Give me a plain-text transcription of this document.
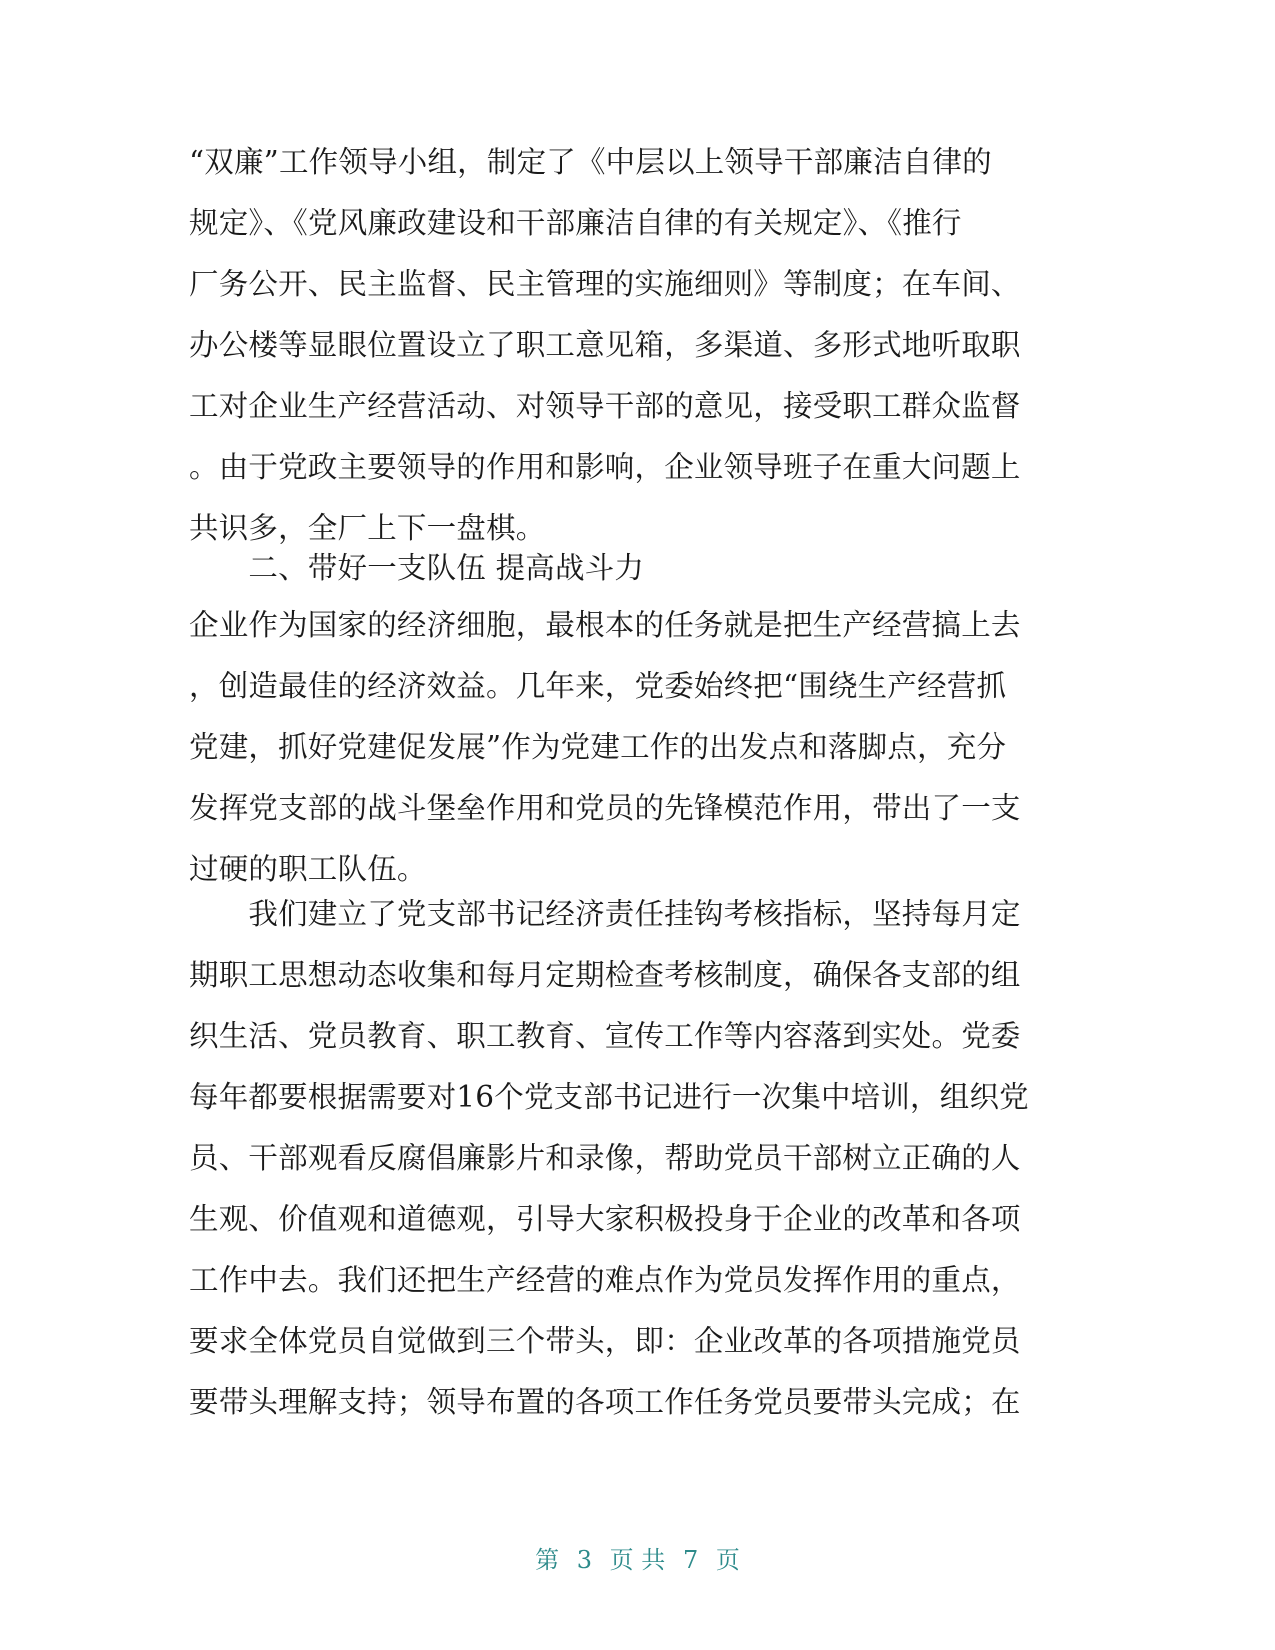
“双廉”工作领导小组，制定了《中层以上领导干部廉洁自律的
规定》、《党风廉政建设和干部廉洁自律的有关规定》、《推行
厂务公开、民主监督、民主管理的实施细则》等制度；在车间、
办公楼等显眼位置设立了职工意见箱，多渠道、多形式地听取职
工对企业生产经营活动、对领导干部的意见，接受职工群众监督
。由于党政主要领导的作用和影响，企业领导班子在重大问题上
共识多，全厂上下一盘棋。
　　二、带好一支队伍 提高战斗力
企业作为国家的经济细胞，最根本的任务就是把生产经营搞上去
，创造最佳的经济效益。几年来，党委始终把“围绕生产经营抓
党建，抓好党建促发展”作为党建工作的出发点和落脚点，充分
发挥党支部的战斗堡垒作用和党员的先锋模范作用，带出了一支
过硬的职工队伍。
　　我们建立了党支部书记经济责任挂钩考核指标，坚持每月定
期职工思想动态收集和每月定期检查考核制度，确保各支部的组
织生活、党员教育、职工教育、宣传工作等内容落到实处。党委
每年都要根据需要对16个党支部书记进行一次集中培训，组织党
员、干部观看反腐倡廉影片和录像，帮助党员干部树立正确的人
生观、价值观和道德观，引导大家积极投身于企业的改革和各项
工作中去。我们还把生产经营的难点作为党员发挥作用的重点，
要求全体党员自觉做到三个带头，即：企业改革的各项措施党员
要带头理解支持；领导布置的各项工作任务党员要带头完成；在
第 3 页 共 7 页
